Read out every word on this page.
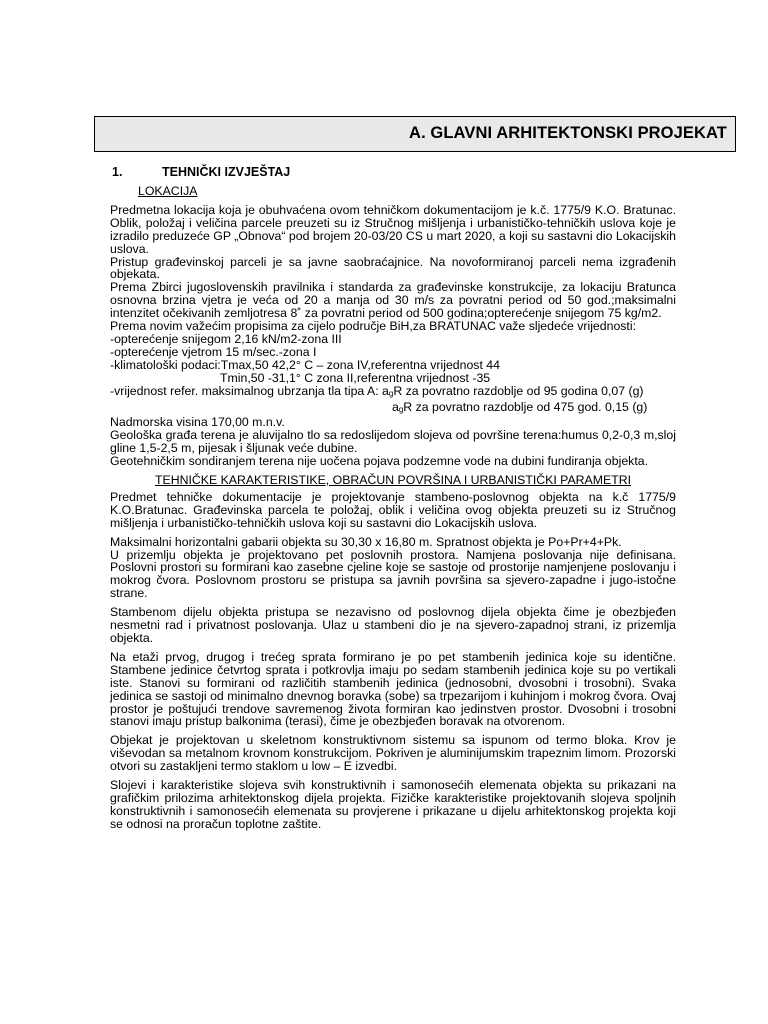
A. GLAVNI ARHITEKTONSKI PROJEKAT
1.	TEHNIČKI IZVJEŠTAJ
LOKACIJA

Predmetna lokacija koja je obuhvaćena ovom tehničkom dokumentacijom je k.č. 1775/9 K.O. Bratunac. Oblik, položaj i veličina parcele preuzeti su iz Stručnog mišljenja i urbanističko-tehničkih uslova koje je izradilo preduzeće GP „Obnova“ pod brojem 20-03/20 CS u mart 2020, a koji su sastavni dio Lokacijskih uslova.

Pristup građevinskoj parceli je sa javne saobraćajnice. Na novoformiranoj parceli nema izgrađenih objekata.

Prema Zbirci jugoslovenskih pravilnika i standarda za građevinske konstrukcije, za lokaciju Bratunca osnovna brzina vjetra je veća od 20 a manja od 30 m/s za povratni period od 50 god.;maksimalni intenzitet očekivanih zemljotresa 8˚ za povratni period od 500 godina;opterećenje snijegom 75 kg/m2.

Prema novim važećim propisima za cijelo područje BiH,za BRATUNAC važe sljedeće vrijednosti:

-opterećenje snijegom 2,16 kN/m2-zona III

-opterećenje vjetrom 15 m/sec.-zona I

-klimatološki podaci:Tmax,50 42,2° C – zona IV,referentna vrijednost 44

Tmin,50 -31,1° C zona II,referentna vrijednost -35

-vrijednost refer. maksimalnog ubrzanja tla tipa A: $a_gR$ za povratno razdoblje od 95 godina 0,07 (g)

$a_gR$ za povratno razdoblje od 475 god. 0,15 (g)

Nadmorska visina 170,00 m.n.v.

Geološka građa terena je aluvijalno tlo sa redoslijedom slojeva od površine terena:humus 0,2-0,3 m,sloj gline 1,5-2,5 m, pijesak i šljunak veće dubine.

Geotehničkim sondiranjem terena nije uočena pojava podzemne vode na dubini fundiranja objekta.

TEHNIČKE KARAKTERISTIKE, OBRAČUN POVRŠINA I URBANISTIČKI PARAMETRI

Predmet tehničke dokumentacije je projektovanje stambeno-poslovnog objekta na k.č 1775/9 K.O.Bratunac. Građevinska parcela te položaj, oblik i veličina ovog objekta preuzeti su iz Stručnog mišljenja i urbanističko-tehničkih uslova koji su sastavni dio Lokacijskih uslova.

Maksimalni horizontalni gabarii objekta su 30,30 x 16,80 m. Spratnost objekta je Po+Pr+4+Pk.

U prizemlju objekta je projektovano pet poslovnih prostora. Namjena poslovanja nije definisana. Poslovni prostori su formirani kao zasebne cjeline koje se sastoje od prostorije namjenjene poslovanju i mokrog čvora. Poslovnom prostoru se pristupa sa javnih površina sa sjevero-zapadne i jugo-istočne strane.

Stambenom dijelu objekta pristupa se nezavisno od poslovnog dijela objekta čime je obezbjeđen nesmetni rad i privatnost poslovanja. Ulaz u stambeni dio je na sjevero-zapadnoj strani, iz prizemlja objekta.

Na etaži prvog, drugog i trećeg sprata formirano je po pet stambenih jedinica koje su identične. Stambene jedinice četvrtog sprata i potkrovlja imaju po sedam stambenih jedinica koje su po vertikali iste. Stanovi su formirani od različitih stambenih jedinica (jednosobni, dvosobni i trosobni). Svaka jedinica se sastoji od minimalno dnevnog boravka (sobe) sa trpezarijom i kuhinjom i mokrog čvora. Ovaj prostor je poštujući trendove savremenog života formiran kao jedinstven prostor. Dvosobni i trosobni stanovi imaju pristup balkonima (terasi), čime je obezbjeđen boravak na otvorenom.

Objekat je projektovan u skeletnom konstruktivnom sistemu sa ispunom od termo bloka. Krov je viševodan sa metalnom krovnom konstrukcijom. Pokriven je aluminijumskim trapeznim limom. Prozorski otvori su zastakljeni termo staklom u low – E izvedbi.

Slojevi i karakteristike slojeva svih konstruktivnih i samonosećih elemenata objekta su prikazani na grafičkim prilozima arhitektonskog dijela projekta. Fizičke karakteristike projektovanih slojeva spoljnih konstruktivnih i samonosećih elemenata su provjerene i prikazane u dijelu arhitektonskog projekta koji se odnosi na proračun toplotne zaštite.
